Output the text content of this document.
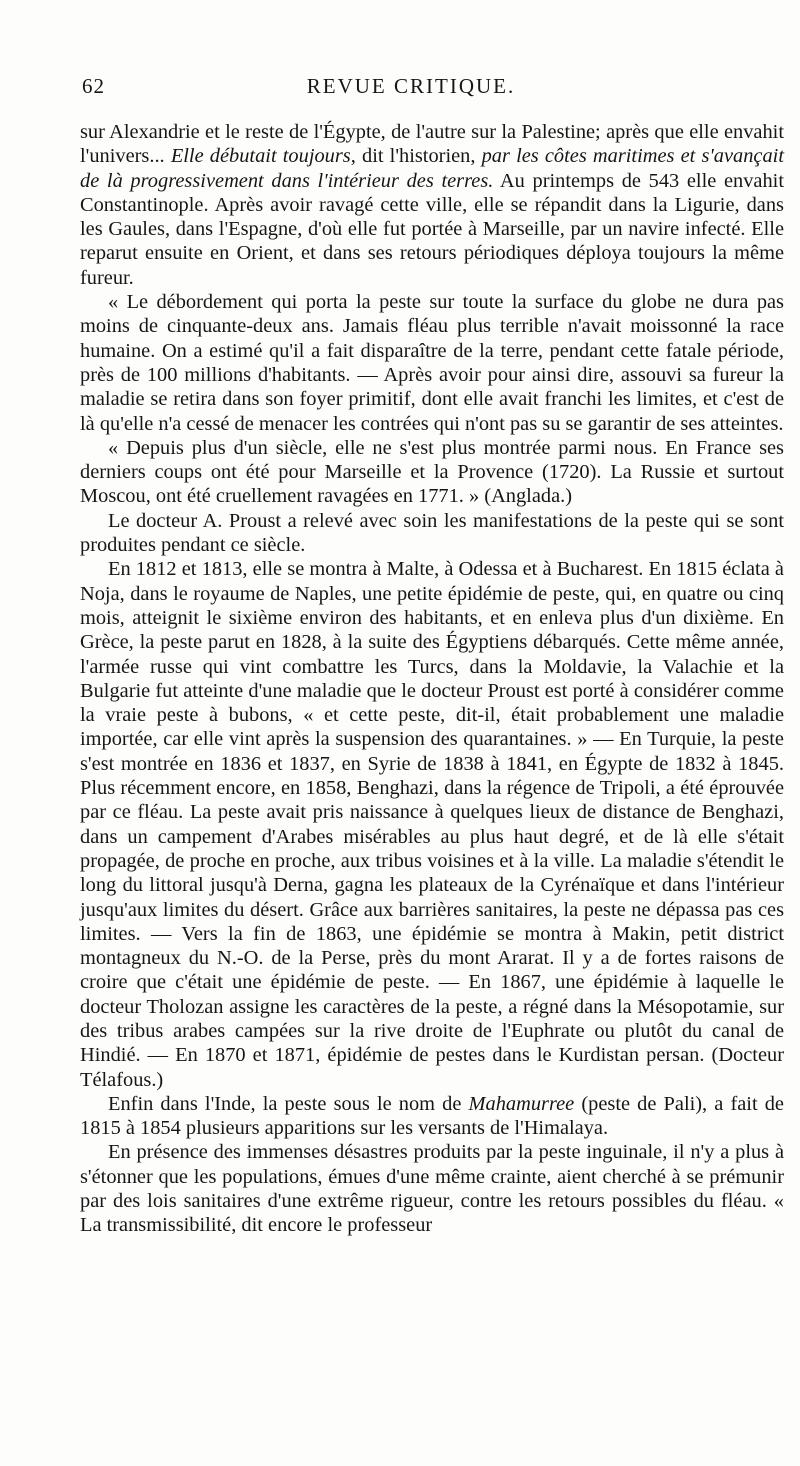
62	REVUE CRITIQUE.

sur Alexandrie et le reste de l'Égypte, de l'autre sur la Palestine; après que elle envahit l'univers... Elle débutait toujours, dit l'historien, par les côtes maritimes et s'avançait de là progressivement dans l'intérieur des terres. Au printemps de 543 elle envahit Constantinople. Après avoir ravagé cette ville, elle se répandit dans la Ligurie, dans les Gaules, dans l'Espagne, d'où elle fut portée à Marseille, par un navire infecté. Elle reparut ensuite en Orient, et dans ses retours périodiques déploya toujours la même fureur.

« Le débordement qui porta la peste sur toute la surface du globe ne dura pas moins de cinquante-deux ans. Jamais fléau plus terrible n'avait moissonné la race humaine. On a estimé qu'il a fait disparaître de la terre, pendant cette fatale période, près de 100 millions d'habitants. — Après avoir pour ainsi dire, assouvi sa fureur la maladie se retira dans son foyer primitif, dont elle avait franchi les limites, et c'est de là qu'elle n'a cessé de menacer les contrées qui n'ont pas su se garantir de ses atteintes.

« Depuis plus d'un siècle, elle ne s'est plus montrée parmi nous. En France ses derniers coups ont été pour Marseille et la Provence (1720). La Russie et surtout Moscou, ont été cruellement ravagées en 1771. » (Anglada.)

Le docteur A. Proust a relevé avec soin les manifestations de la peste qui se sont produites pendant ce siècle.

En 1812 et 1813, elle se montra à Malte, à Odessa et à Bucharest. En 1815 éclata à Noja, dans le royaume de Naples, une petite épidémie de peste, qui, en quatre ou cinq mois, atteignit le sixième environ des habitants, et en enleva plus d'un dixième. En Grèce, la peste parut en 1828, à la suite des Égyptiens débarqués. Cette même année, l'armée russe qui vint combattre les Turcs, dans la Moldavie, la Valachie et la Bulgarie fut atteinte d'une maladie que le docteur Proust est porté à considérer comme la vraie peste à bubons, « et cette peste, dit-il, était probablement une maladie importée, car elle vint après la suspension des quarantaines. » — En Turquie, la peste s'est montrée en 1836 et 1837, en Syrie de 1838 à 1841, en Égypte de 1832 à 1845. Plus récemment encore, en 1858, Benghazi, dans la régence de Tripoli, a été éprouvée par ce fléau. La peste avait pris naissance à quelques lieux de distance de Benghazi, dans un campement d'Arabes misérables au plus haut degré, et de là elle s'était propagée, de proche en proche, aux tribus voisines et à la ville. La maladie s'étendit le long du littoral jusqu'à Derna, gagna les plateaux de la Cyrénaïque et dans l'intérieur jusqu'aux limites du désert. Grâce aux barrières sanitaires, la peste ne dépassa pas ces limites. — Vers la fin de 1863, une épidémie se montra à Makin, petit district montagneux du N.-O. de la Perse, près du mont Ararat. Il y a de fortes raisons de croire que c'était une épidémie de peste. — En 1867, une épidémie à laquelle le docteur Tholozan assigne les caractères de la peste, a régné dans la Mésopotamie, sur des tribus arabes campées sur la rive droite de l'Euphrate ou plutôt du canal de Hindié. — En 1870 et 1871, épidémie de pestes dans le Kurdistan persan. (Docteur Télafous.)

Enfin dans l'Inde, la peste sous le nom de Mahamurree (peste de Pali), a fait de 1815 à 1854 plusieurs apparitions sur les versants de l'Himalaya.

En présence des immenses désastres produits par la peste inguinale, il n'y a plus à s'étonner que les populations, émues d'une même crainte, aient cherché à se prémunir par des lois sanitaires d'une extrême rigueur, contre les retours possibles du fléau. « La transmissibilité, dit encore le professeur
